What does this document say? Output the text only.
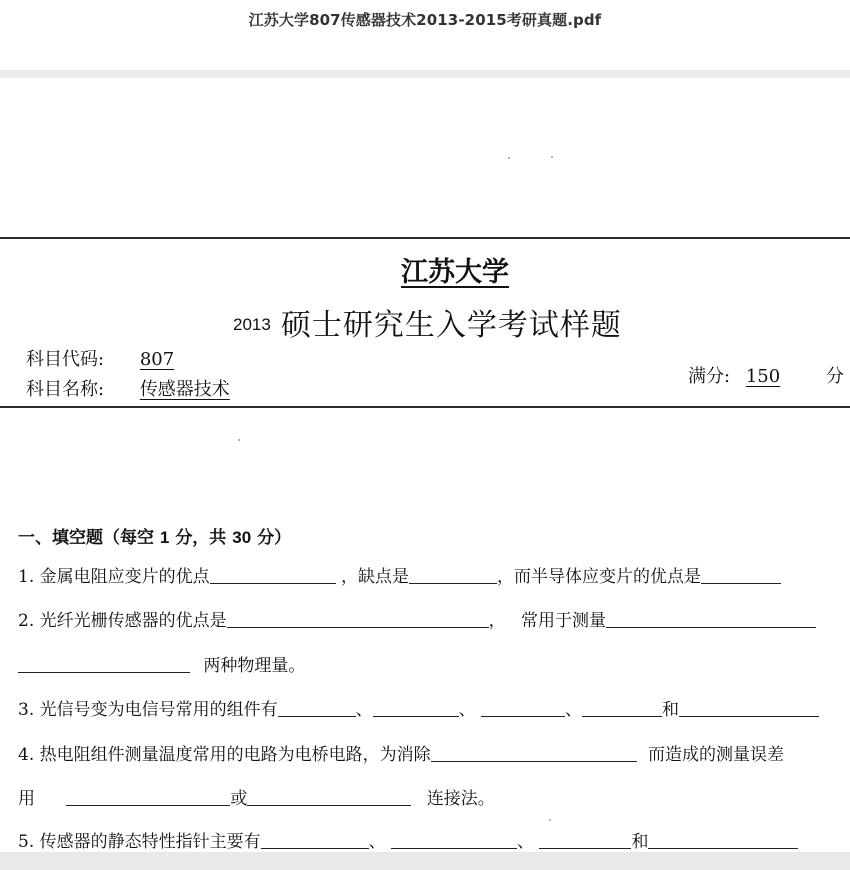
江苏大学807传感器技术2013-2015考研真题.pdf
江苏大学
2013 硕士研究生入学考试样题
科目代码: 807
科目名称: 传感器技术
满分: 150	分
一、填空题（每空 1 分，共 30 分）
1. 金属电阻应变片的优点	，缺点是	，而半导体应变片的优点是
2. 光纤光栅传感器的优点是	， 常用于测量
两种物理量。
3. 光信号变为电信号常用的组件有	、	、	、	和
4. 热电阻组件测量温度常用的电路为电桥电路，为消除	而造成的测量误差
用	或	连接法。
5. 传感器的静态特性指针主要有	、	、	和
